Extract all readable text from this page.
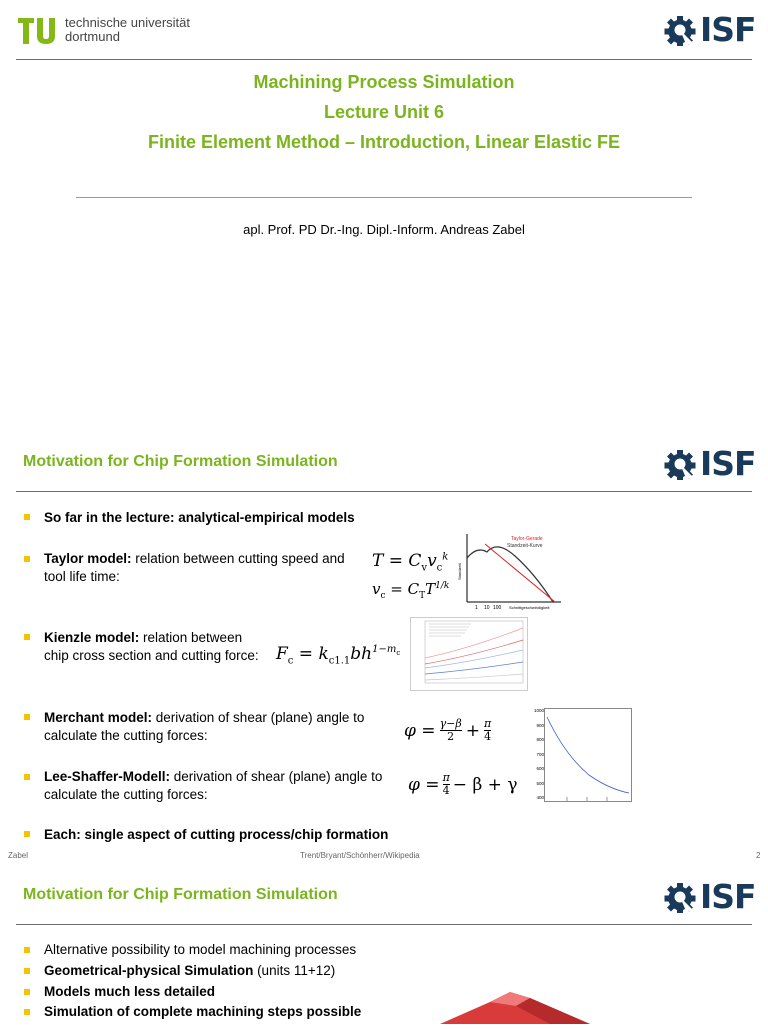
technische universität
dortmund	ISF
Machining Process Simulation
Lecture Unit 6
Finite Element Method – Introduction, Linear Elastic FE
apl. Prof. PD Dr.-Ing. Dipl.-Inform. Andreas Zabel
Motivation for Chip Formation Simulation	ISF
So far in the lecture: analytical-empirical models
Taylor model: relation between cutting speed and
tool life time:
$T = C_vv_c^k$
$v_c = C_TT^{1/k}$
Taylor-Gerade
Standzeit-Kurve
1 10 100 Schnittgeschwindigkeit
Standzeit
Kienzle model: relation between
chip cross section and cutting force: $F_c = k_{c1.1}bh^{1-m_c}$
Merchant model: derivation of shear (plane) angle to
calculate the cutting forces:	$\varphi = \frac{\gamma-\beta}{2} + \frac{\pi}{4}$
Lee-Shaffer-Modell: derivation of shear (plane) angle to
calculate the cutting forces:	$\varphi = \frac{\pi}{4} - \beta + \gamma$
1000
900
800
700
600
500
400
Each: single aspect of cutting process/chip formation
Zabel	Trent/Bryant/Schönherr/Wikipedia	2
Motivation for Chip Formation Simulation	ISF
Alternative possibility to model machining processes
Geometrical-physical Simulation (units 11+12)
Models much less detailed
Simulation of complete machining steps possible
